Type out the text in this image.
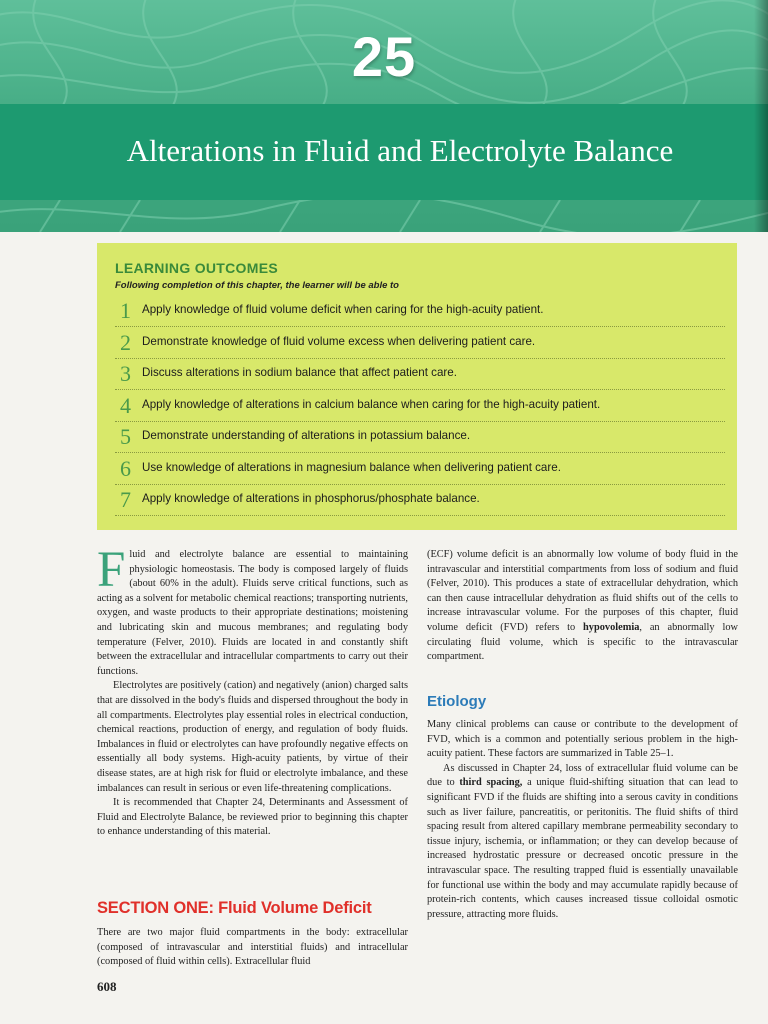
25
Alterations in Fluid and Electrolyte Balance
LEARNING OUTCOMES
Following completion of this chapter, the learner will be able to
1 Apply knowledge of fluid volume deficit when caring for the high-acuity patient.
2 Demonstrate knowledge of fluid volume excess when delivering patient care.
3 Discuss alterations in sodium balance that affect patient care.
4 Apply knowledge of alterations in calcium balance when caring for the high-acuity patient.
5 Demonstrate understanding of alterations in potassium balance.
6 Use knowledge of alterations in magnesium balance when delivering patient care.
7 Apply knowledge of alterations in phosphorus/phosphate balance.
F luid and electrolyte balance are essential to maintaining physiologic homeostasis. The body is composed largely of fluids (about 60% in the adult). Fluids serve critical functions, such as acting as a solvent for metabolic chemical reactions; transporting nutrients, oxygen, and waste products to their appropriate destinations; moistening and lubricating skin and mucous membranes; and regulating body temperature (Felver, 2010). Fluids are located in and constantly shift between the extracellular and intracellular compartments to carry out their functions.

Electrolytes are positively (cation) and negatively (anion) charged salts that are dissolved in the body's fluids and dispersed throughout the body in all compartments. Electrolytes play essential roles in electrical conduction, chemical reactions, production of energy, and regulation of body fluids. Imbalances in fluid or electrolytes can have profoundly negative effects on essentially all body systems. High-acuity patients, by virtue of their disease states, are at high risk for fluid or electrolyte imbalance, and these imbalances can result in serious or even life-threatening complications.

It is recommended that Chapter 24, Determinants and Assessment of Fluid and Electrolyte Balance, be reviewed prior to beginning this chapter to enhance understanding of this material.

SECTION ONE: Fluid Volume Deficit

There are two major fluid compartments in the body: extracellular (composed of intravascular and interstitial fluids) and intracellular (composed of fluid within cells). Extracellular fluid

(ECF) volume deficit is an abnormally low volume of body fluid in the intravascular and interstitial compartments from loss of sodium and fluid (Felver, 2010). This produces a state of extracellular dehydration, which can then cause intracellular dehydration as fluid shifts out of the cells to increase intravascular volume. For the purposes of this chapter, fluid volume deficit (FVD) refers to hypovolemia, an abnormally low circulating fluid volume, which is specific to the intravascular compartment.

Etiology

Many clinical problems can cause or contribute to the development of FVD, which is a common and potentially serious problem in the high-acuity patient. These factors are summarized in Table 25–1.

As discussed in Chapter 24, loss of extracellular fluid volume can be due to third spacing, a unique fluid-shifting situation that can lead to significant FVD if the fluids are shifting into a serous cavity in conditions such as liver failure, pancreatitis, or peritonitis. The fluid shifts of third spacing result from altered capillary membrane permeability secondary to tissue injury, ischemia, or inflammation; or they can develop because of increased hydrostatic pressure or decreased oncotic pressure in the intravascular space. The resulting trapped fluid is essentially unavailable for functional use within the body and may accumulate rapidly because of protein-rich contents, which causes increased tissue colloidal osmotic pressure, attracting more fluids.

608
